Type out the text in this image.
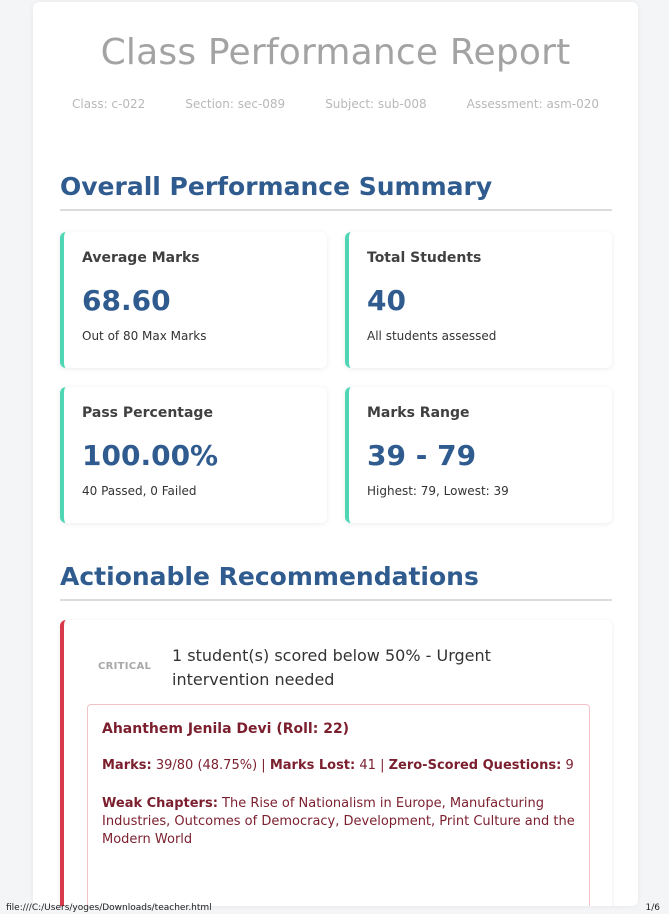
Class Performance Report
Class: c-022	Section: sec-089	Subject: sub-008	Assessment: asm-020
Overall Performance Summary
Average Marks
68.60
Out of 80 Max Marks
Total Students
40
All students assessed
Pass Percentage
100.00%
40 Passed, 0 Failed
Marks Range
39 - 79
Highest: 79, Lowest: 39
Actionable Recommendations
CRITICAL
1 student(s) scored below 50% - Urgent intervention needed
Ahanthem Jenila Devi (Roll: 22)
Marks: 39/80 (48.75%) | Marks Lost: 41 | Zero-Scored Questions: 9
Weak Chapters: The Rise of Nationalism in Europe, Manufacturing Industries, Outcomes of Democracy, Development, Print Culture and the Modern World
file:///C:/Users/yoges/Downloads/teacher.html	1/6
